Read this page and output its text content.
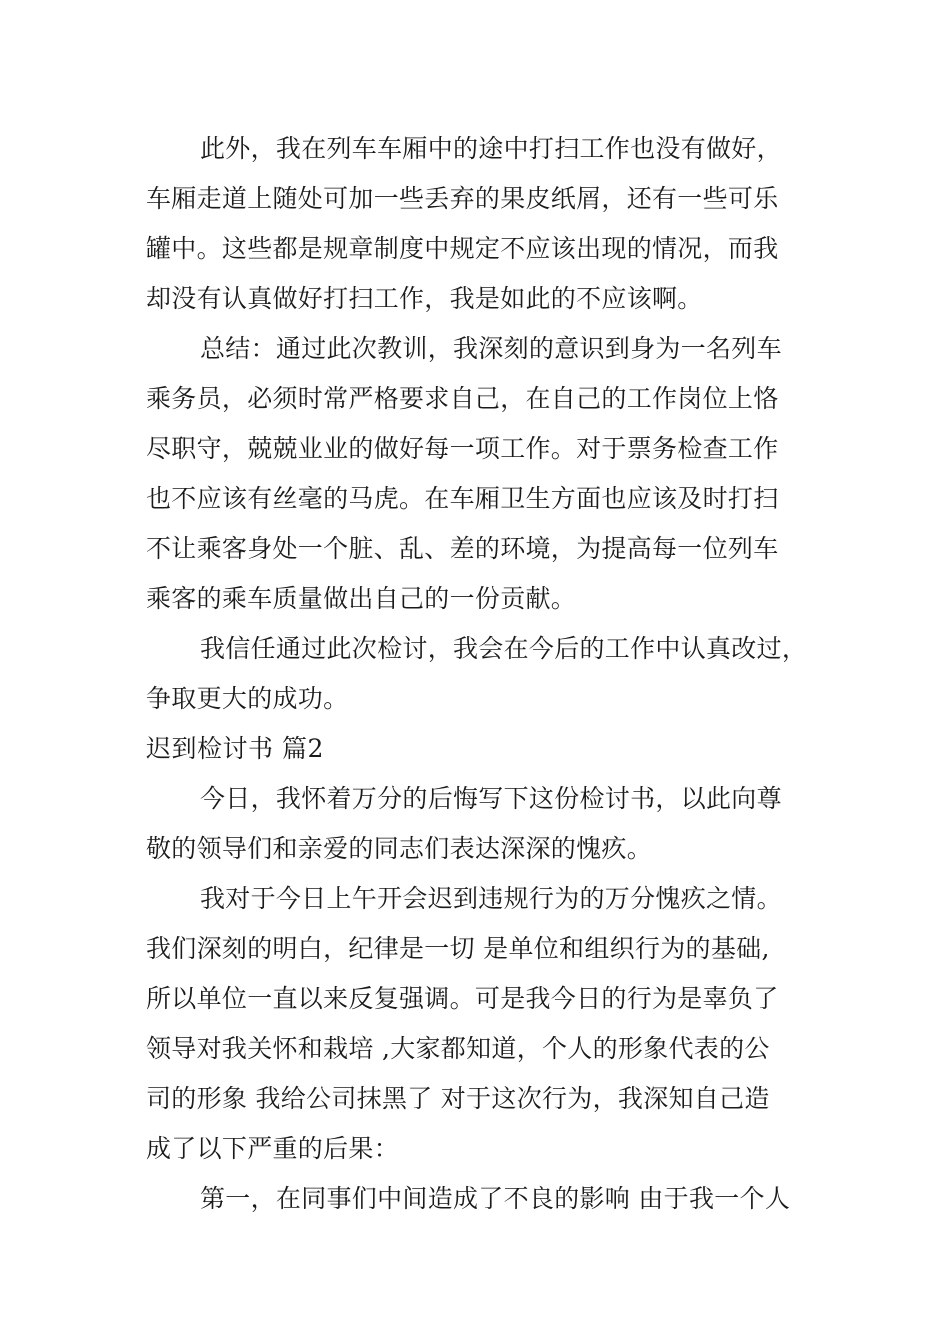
此外，我在列车车厢中的途中打扫工作也没有做好，
车厢走道上随处可加一些丢弃的果皮纸屑，还有一些可乐
罐中。这些都是规章制度中规定不应该出现的情况，而我
却没有认真做好打扫工作，我是如此的不应该啊。
总结：通过此次教训，我深刻的意识到身为一名列车
乘务员，必须时常严格要求自己，在自己的工作岗位上恪
尽职守，兢兢业业的做好每一项工作。对于票务检查工作
也不应该有丝毫的马虎。在车厢卫生方面也应该及时打扫
不让乘客身处一个脏、乱、差的环境，为提高每一位列车
乘客的乘车质量做出自己的一份贡献。
我信任通过此次检讨，我会在今后的工作中认真改过，
争取更大的成功。
迟到检讨书 篇2
今日，我怀着万分的后悔写下这份检讨书，以此向尊
敬的领导们和亲爱的同志们表达深深的愧疚。
我对于今日上午开会迟到违规行为的万分愧疚之情。
我们深刻的明白，纪律是一切 是单位和组织行为的基础,
所以单位一直以来反复强调。可是我今日的行为是辜负了
领导对我关怀和栽培 ,大家都知道，个人的形象代表的公
司的形象 我给公司抹黑了 对于这次行为，我深知自己造
成了以下严重的后果：
第一，在同事们中间造成了不良的影响 由于我一个人
